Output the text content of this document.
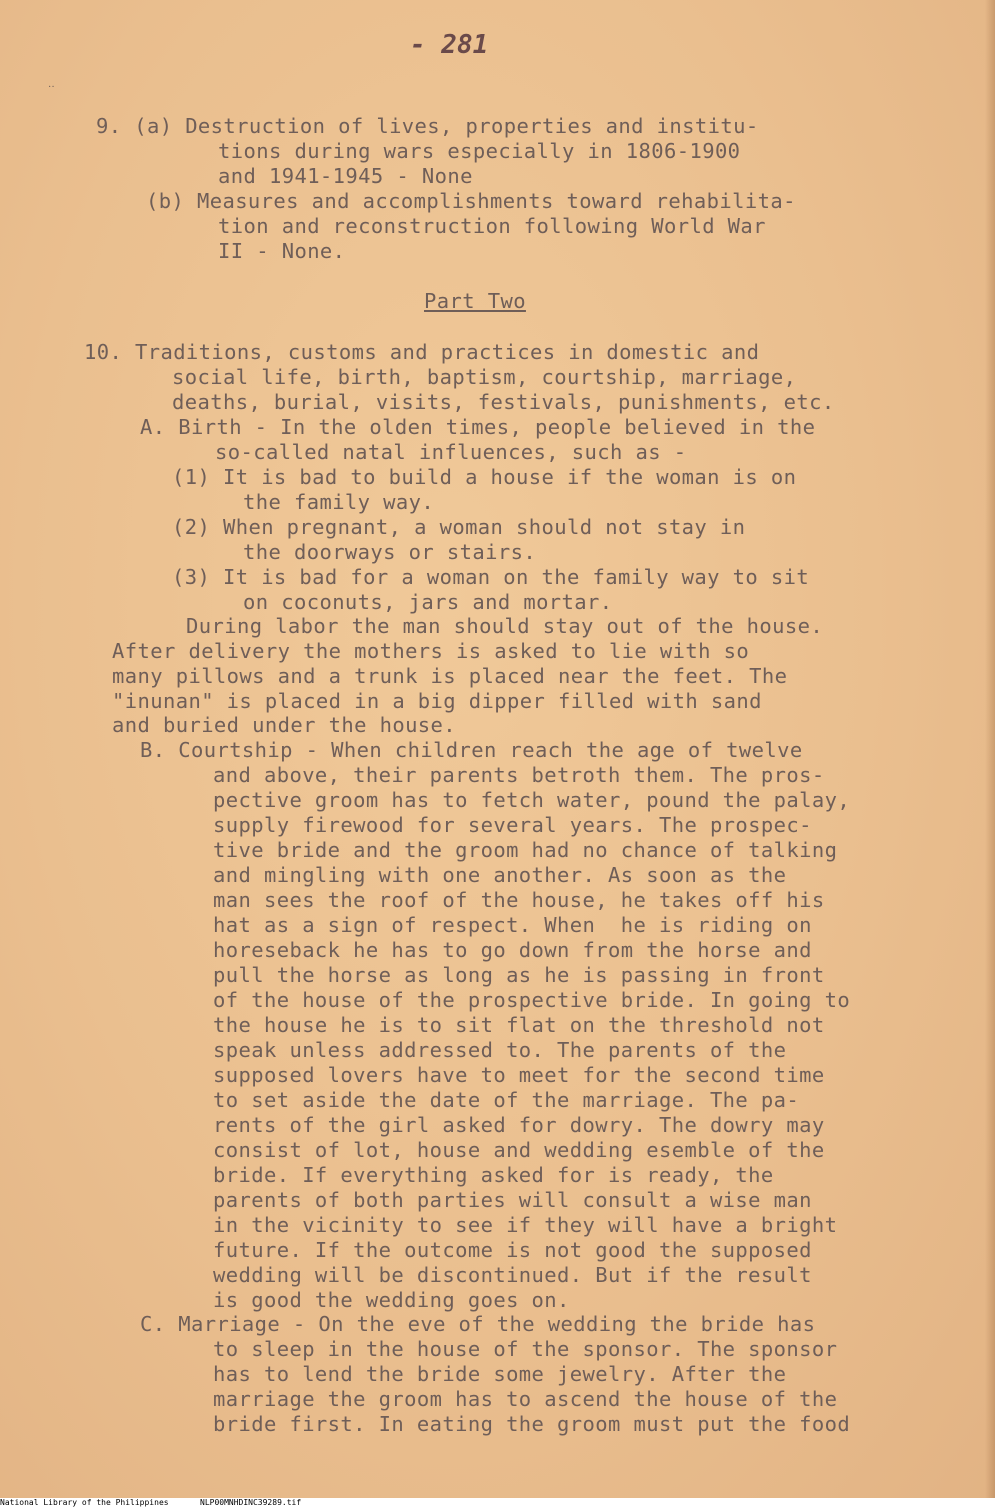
··
- 281
9. (a) Destruction of lives, properties and institu-
tions during wars especially in 1806-1900
and 1941-1945 - None
(b) Measures and accomplishments toward rehabilita-
tion and reconstruction following World War
II - None.
Part Two
10. Traditions, customs and practices in domestic and
social life, birth, baptism, courtship, marriage,
deaths, burial, visits, festivals, punishments, etc.
A. Birth - In the olden times, people believed in the
so-called natal influences, such as -
(1) It is bad to build a house if the woman is on
the family way.
(2) When pregnant, a woman should not stay in
the doorways or stairs.
(3) It is bad for a woman on the family way to sit
on coconuts, jars and mortar.
During labor the man should stay out of the house.
After delivery the mothers is asked to lie with so
many pillows and a trunk is placed near the feet. The
"inunan" is placed in a big dipper filled with sand
and buried under the house.
B. Courtship - When children reach the age of twelve
and above, their parents betroth them. The pros-
pective groom has to fetch water, pound the palay,
supply firewood for several years. The prospec-
tive bride and the groom had no chance of talking
and mingling with one another. As soon as the
man sees the roof of the house, he takes off his
hat as a sign of respect. When  he is riding on
horeseback he has to go down from the horse and
pull the horse as long as he is passing in front
of the house of the prospective bride. In going to
the house he is to sit flat on the threshold not
speak unless addressed to. The parents of the
supposed lovers have to meet for the second time
to set aside the date of the marriage. The pa-
rents of the girl asked for dowry. The dowry may
consist of lot, house and wedding esemble of the
bride. If everything asked for is ready, the
parents of both parties will consult a wise man
in the vicinity to see if they will have a bright
future. If the outcome is not good the supposed
wedding will be discontinued. But if the result
is good the wedding goes on.
C. Marriage - On the eve of the wedding the bride has
to sleep in the house of the sponsor. The sponsor
has to lend the bride some jewelry. After the
marriage the groom has to ascend the house of the
bride first. In eating the groom must put the food
National Library of the Philippines	NLP00MNHDINC39289.tif
